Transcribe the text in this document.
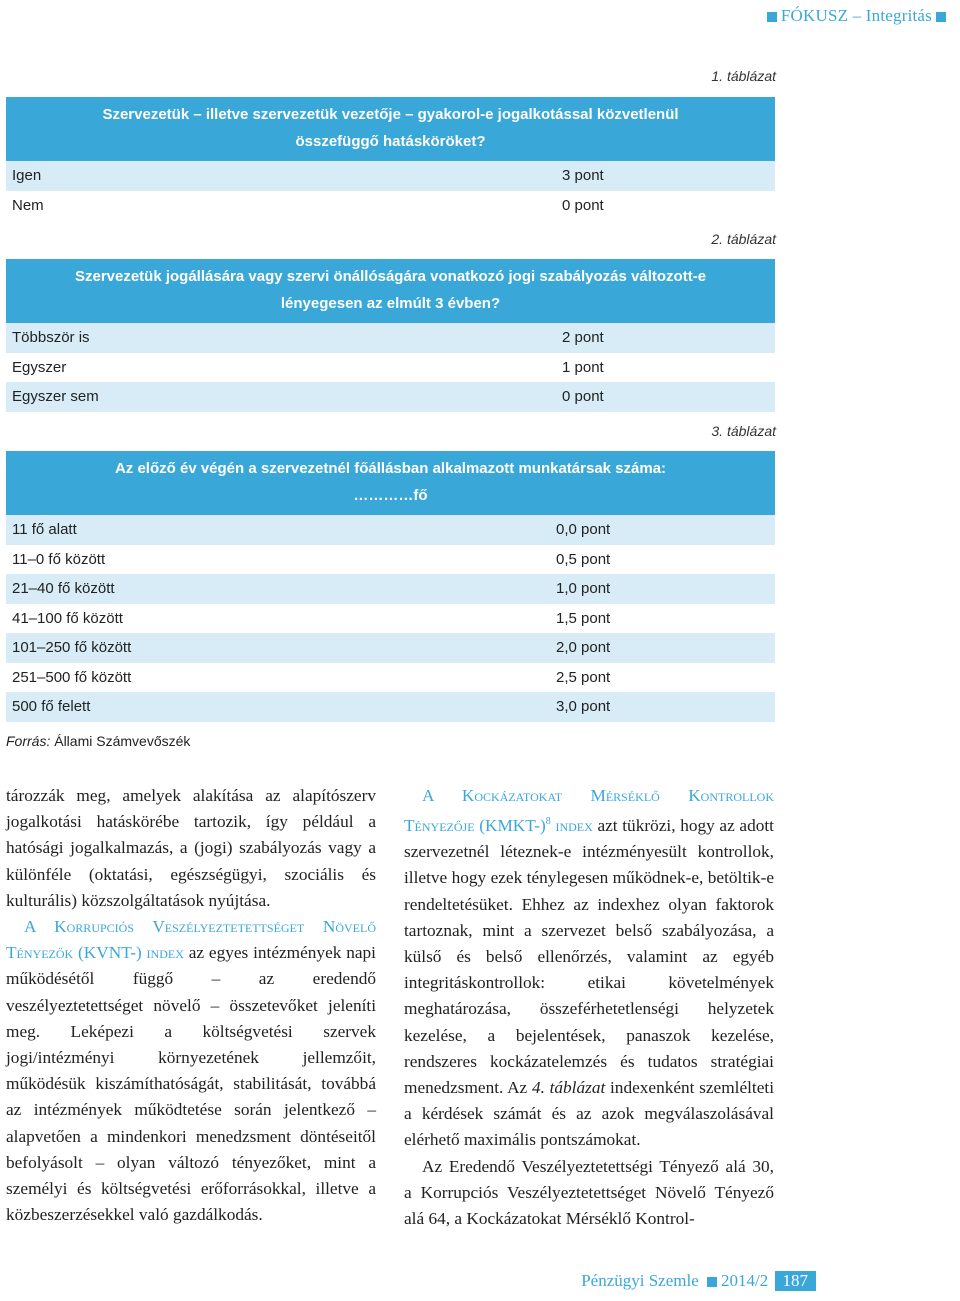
FÓKUSZ – Integritás
1. táblázat
Szervezetük – illetve szervezetük vezetője – gyakorol-e jogalkotással közvetlenül
összefüggő hatásköröket?
Igen	3 pont
Nem	0 pont
2. táblázat
Szervezetük jogállására vagy szervi önállóságára vonatkozó jogi szabályozás változott-e
lényegesen az elmúlt 3 évben?
Többször is	2 pont
Egyszer	1 pont
Egyszer sem	0 pont
3. táblázat
Az előző év végén a szervezetnél főállásban alkalmazott munkatársak száma:
…………fő
11 fő alatt	0,0 pont
11–0 fő között	0,5 pont
21–40 fő között	1,0 pont
41–100 fő között	1,5 pont
101–250 fő között	2,0 pont
251–500 fő között	2,5 pont
500 fő felett	3,0 pont
Forrás: Állami Számvevőszék

tározzák meg, amelyek alakítása az alapítószerv jogalkotási hatáskörébe tartozik, így például a hatósági jogalkalmazás, a (jogi) szabályozás vagy a különféle (oktatási, egészségügyi, szociális és kulturális) közszolgáltatások nyújtása.

A Korrupciós Veszélyeztetettséget Növelő Tényezők (KVNT-) index az egyes intézmények napi működésétől függő – az eredendő veszélyeztetettséget növelő – összetevőket jeleníti meg. Leképezi a költségvetési szervek jogi/intézményi környezetének jellemzőit, működésük kiszámíthatóságát, stabilitását, továbbá az intézmények működtetése során jelentkező – alapvetően a mindenkori menedzsment döntéseitől befolyásolt – olyan változó tényezőket, mint a személyi és költségvetési erőforrásokkal, illetve a közbeszerzésekkel való gazdálkodás.

A Kockázatokat Mérséklő Kontrollok Tényezője (KMKT-)$^8$ index azt tükrözi, hogy az adott szervezetnél léteznek-e intézményesült kontrollok, illetve hogy ezek ténylegesen működnek-e, betöltik-e rendeltetésüket. Ehhez az indexhez olyan faktorok tartoznak, mint a szervezet belső szabályozása, a külső és belső ellenőrzés, valamint az egyéb integritáskontrollok: etikai követelmények meghatározása, összeférhetetlenségi helyzetek kezelése, a bejelentések, panaszok kezelése, rendszeres kockázatelemzés és tudatos stratégiai menedzsment. Az 4. táblázat indexenként szemlélteti a kérdések számát és az azok megválaszolásával elérhető maximális pontszámokat.

Az Eredendő Veszélyeztetettségi Tényező alá 30, a Korrupciós Veszélyeztetettséget Növelő Tényező alá 64, a Kockázatokat Mérséklő Kontrol-

Pénzügyi Szemle 2014/2 187
